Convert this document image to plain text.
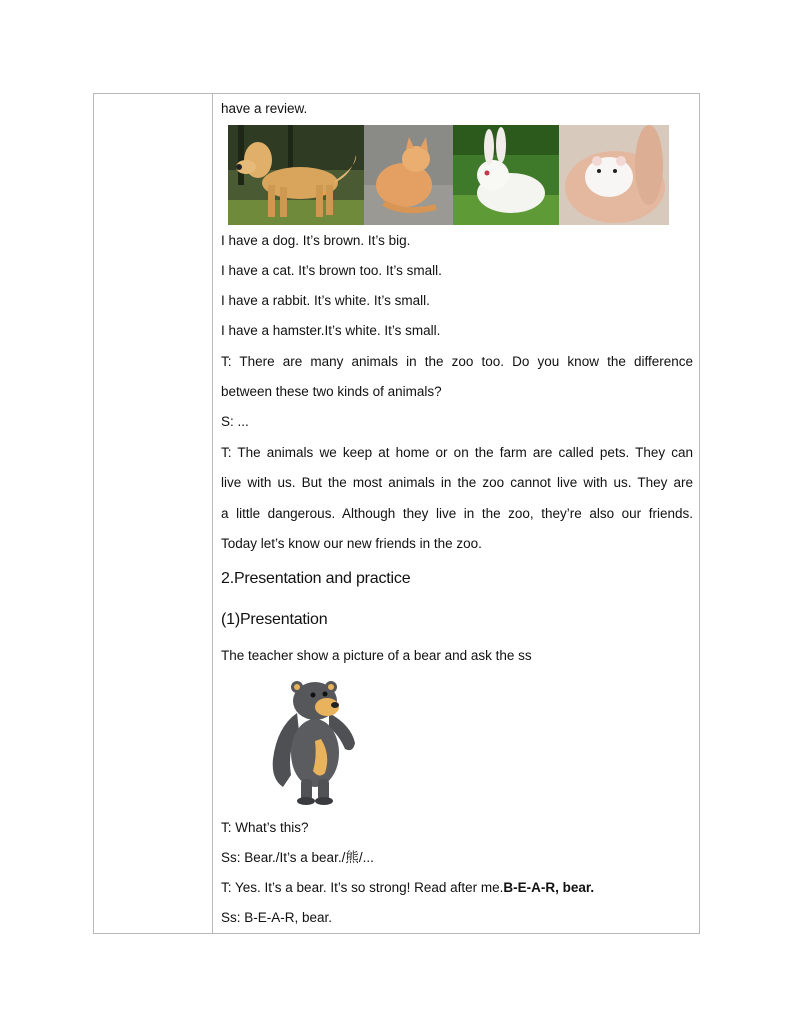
have a review.
I have a dog. It’s brown. It’s big.
I have a cat. It’s brown too. It’s small.
I have a rabbit. It’s white. It’s small.
I have a hamster.It’s white. It’s small.
T: There are many animals in the zoo too. Do you know the difference
between these two kinds of animals?
S: ...
T: The animals we keep at home or on the farm are called pets. They can
live with us. But the most animals in the zoo cannot live with us. They are
a little dangerous. Although they live in the zoo, they’re also our friends.
Today let’s know our new friends in the zoo.
2.Presentation and practice
(1)Presentation
The teacher show a picture of a bear and ask the ss
T: What’s this?
Ss: Bear./It’s a bear./熊/...
T: Yes. It’s a bear. It’s so strong! Read after me.B-E-A-R, bear.
Ss: B-E-A-R, bear.
